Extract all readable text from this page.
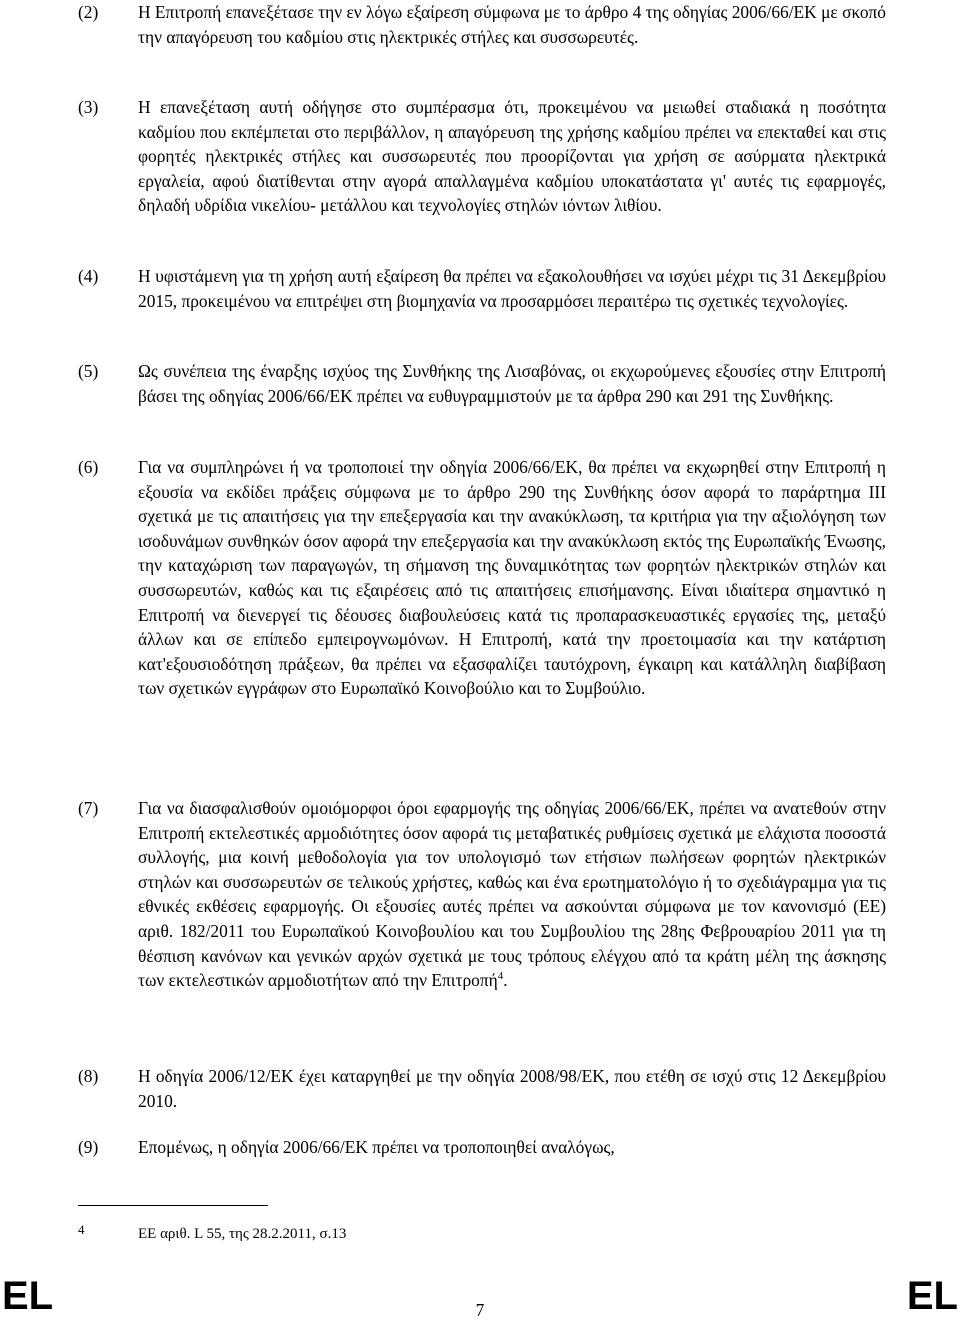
(2)	Η Επιτροπή επανεξέτασε την εν λόγω εξαίρεση σύμφωνα με το άρθρο 4 της οδηγίας 2006/66/ΕΚ με σκοπό την απαγόρευση του καδμίου στις ηλεκτρικές στήλες και συσσωρευτές.
(3)	Η επανεξέταση αυτή οδήγησε στο συμπέρασμα ότι, προκειμένου να μειωθεί σταδιακά η ποσότητα καδμίου που εκπέμπεται στο περιβάλλον, η απαγόρευση της χρήσης καδμίου πρέπει να επεκταθεί και στις φορητές ηλεκτρικές στήλες και συσσωρευτές που προορίζονται για χρήση σε ασύρματα ηλεκτρικά εργαλεία, αφού διατίθενται στην αγορά απαλλαγμένα καδμίου υποκατάστατα γι' αυτές τις εφαρμογές, δηλαδή υδρίδια νικελίου- μετάλλου και τεχνολογίες στηλών ιόντων λιθίου.
(4)	Η υφιστάμενη για τη χρήση αυτή εξαίρεση θα πρέπει να εξακολουθήσει να ισχύει μέχρι τις 31 Δεκεμβρίου 2015, προκειμένου να επιτρέψει στη βιομηχανία να προσαρμόσει περαιτέρω τις σχετικές τεχνολογίες.
(5)	Ως συνέπεια της έναρξης ισχύος της Συνθήκης της Λισαβόνας, οι εκχωρούμενες εξουσίες στην Επιτροπή βάσει της οδηγίας 2006/66/ΕΚ πρέπει να ευθυγραμμιστούν με τα άρθρα 290 και 291 της Συνθήκης.
(6)	Για να συμπληρώνει ή να τροποποιεί την οδηγία 2006/66/ΕΚ, θα πρέπει να εκχωρηθεί στην Επιτροπή η εξουσία να εκδίδει πράξεις σύμφωνα με το άρθρο 290 της Συνθήκης όσον αφορά το παράρτημα ΙΙΙ σχετικά με τις απαιτήσεις για την επεξεργασία και την ανακύκλωση, τα κριτήρια για την αξιολόγηση των ισοδυνάμων συνθηκών όσον αφορά την επεξεργασία και την ανακύκλωση εκτός της Ευρωπαϊκής Ένωσης, την καταχώριση των παραγωγών, τη σήμανση της δυναμικότητας των φορητών ηλεκτρικών στηλών και συσσωρευτών, καθώς και τις εξαιρέσεις από τις απαιτήσεις επισήμανσης. Είναι ιδιαίτερα σημαντικό η Επιτροπή να διενεργεί τις δέουσες διαβουλεύσεις κατά τις προπαρασκευαστικές εργασίες της, μεταξύ άλλων και σε επίπεδο εμπειρογνωμόνων. Η Επιτροπή, κατά την προετοιμασία και την κατάρτιση κατ'εξουσιοδότηση πράξεων, θα πρέπει να εξασφαλίζει ταυτόχρονη, έγκαιρη και κατάλληλη διαβίβαση των σχετικών εγγράφων στο Ευρωπαϊκό Κοινοβούλιο και το Συμβούλιο.
(7)	Για να διασφαλισθούν ομοιόμορφοι όροι εφαρμογής της οδηγίας 2006/66/ΕΚ, πρέπει να ανατεθούν στην Επιτροπή εκτελεστικές αρμοδιότητες όσον αφορά τις μεταβατικές ρυθμίσεις σχετικά με ελάχιστα ποσοστά συλλογής, μια κοινή μεθοδολογία για τον υπολογισμό των ετήσιων πωλήσεων φορητών ηλεκτρικών στηλών και συσσωρευτών σε τελικούς χρήστες, καθώς και ένα ερωτηματολόγιο ή το σχεδιάγραμμα για τις εθνικές εκθέσεις εφαρμογής. Οι εξουσίες αυτές πρέπει να ασκούνται σύμφωνα με τον κανονισμό (ΕΕ) αριθ. 182/2011 του Ευρωπαϊκού Κοινοβουλίου και του Συμβουλίου της 28ης Φεβρουαρίου 2011 για τη θέσπιση κανόνων και γενικών αρχών σχετικά με τους τρόπους ελέγχου από τα κράτη μέλη της άσκησης των εκτελεστικών αρμοδιοτήτων από την Επιτροπή$^4$.
(8)	Η οδηγία 2006/12/ΕΚ έχει καταργηθεί με την οδηγία 2008/98/ΕΚ, που ετέθη σε ισχύ στις 12 Δεκεμβρίου 2010.
(9)	Επομένως, η οδηγία 2006/66/ΕΚ πρέπει να τροποποιηθεί αναλόγως,
4	ΕΕ αριθ. L 55, της 28.2.2011, σ.13
EL	7	EL
